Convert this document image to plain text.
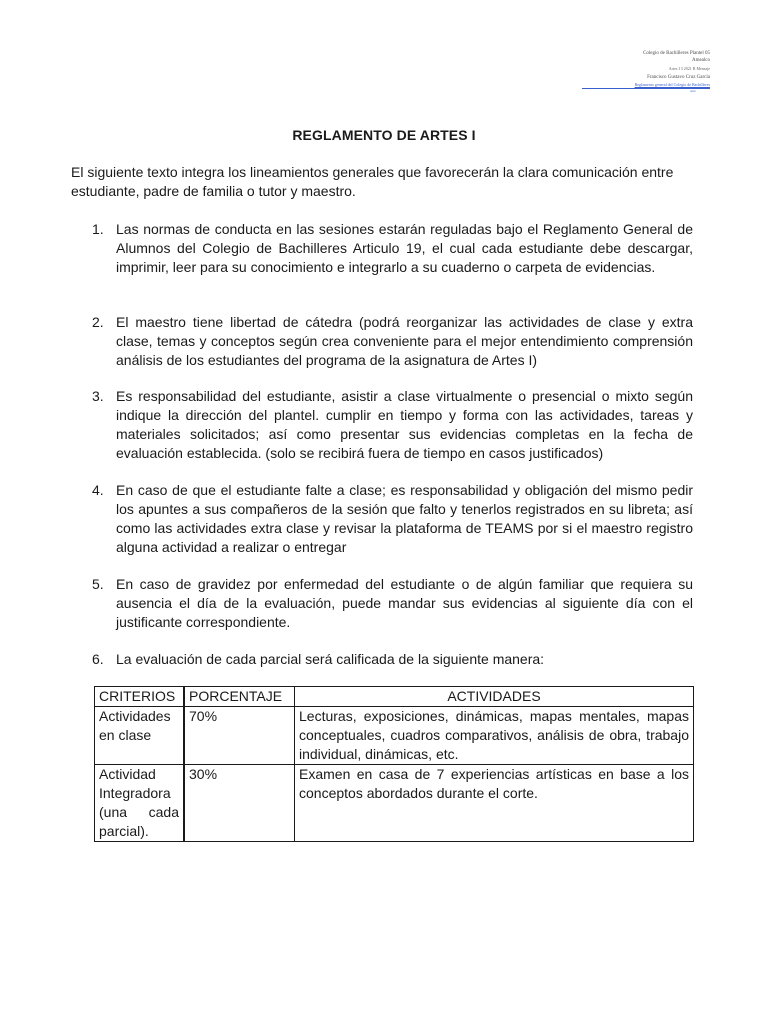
Colegio de Bachilleres Plantel 05
Amealco
Artes I 3 2021 B Mensaje
Francisco Gustavo Cruz García
Reglamento general del Colegio de Bachilleres
texto
REGLAMENTO DE ARTES I
El siguiente texto integra los lineamientos generales que favorecerán la clara comunicación entre estudiante, padre de familia o tutor y maestro.
1. Las normas de conducta en las sesiones estarán reguladas bajo el Reglamento General de Alumnos del Colegio de Bachilleres Articulo 19, el cual cada estudiante debe descargar, imprimir, leer para su conocimiento e integrarlo a su cuaderno o carpeta de evidencias.
2. El maestro tiene libertad de cátedra (podrá reorganizar las actividades de clase y extra clase, temas y conceptos según crea conveniente para el mejor entendimiento comprensión análisis de los estudiantes del programa de la asignatura de Artes I)
3. Es responsabilidad del estudiante, asistir a clase virtualmente o presencial o mixto según indique la dirección del plantel. cumplir en tiempo y forma con las actividades, tareas y materiales solicitados; así como presentar sus evidencias completas en la fecha de evaluación establecida. (solo se recibirá fuera de tiempo en casos justificados)
4. En caso de que el estudiante falte a clase; es responsabilidad y obligación del mismo pedir los apuntes a sus compañeros de la sesión que falto y tenerlos registrados en su libreta; así como las actividades extra clase y revisar la plataforma de TEAMS por si el maestro registro alguna actividad a realizar o entregar
5. En caso de gravidez por enfermedad del estudiante o de algún familiar que requiera su ausencia el día de la evaluación, puede mandar sus evidencias al siguiente día con el justificante correspondiente.
6. La evaluación de cada parcial será calificada de la siguiente manera:
CRITERIOS	PORCENTAJE	ACTIVIDADES
Actividades en clase	70%	Lecturas, exposiciones, dinámicas, mapas mentales, mapas conceptuales, cuadros comparativos, análisis de obra, trabajo individual, dinámicas, etc.
Actividad Integradora (una cada parcial).	30%	Examen en casa de 7 experiencias artísticas en base a los conceptos abordados durante el corte.
